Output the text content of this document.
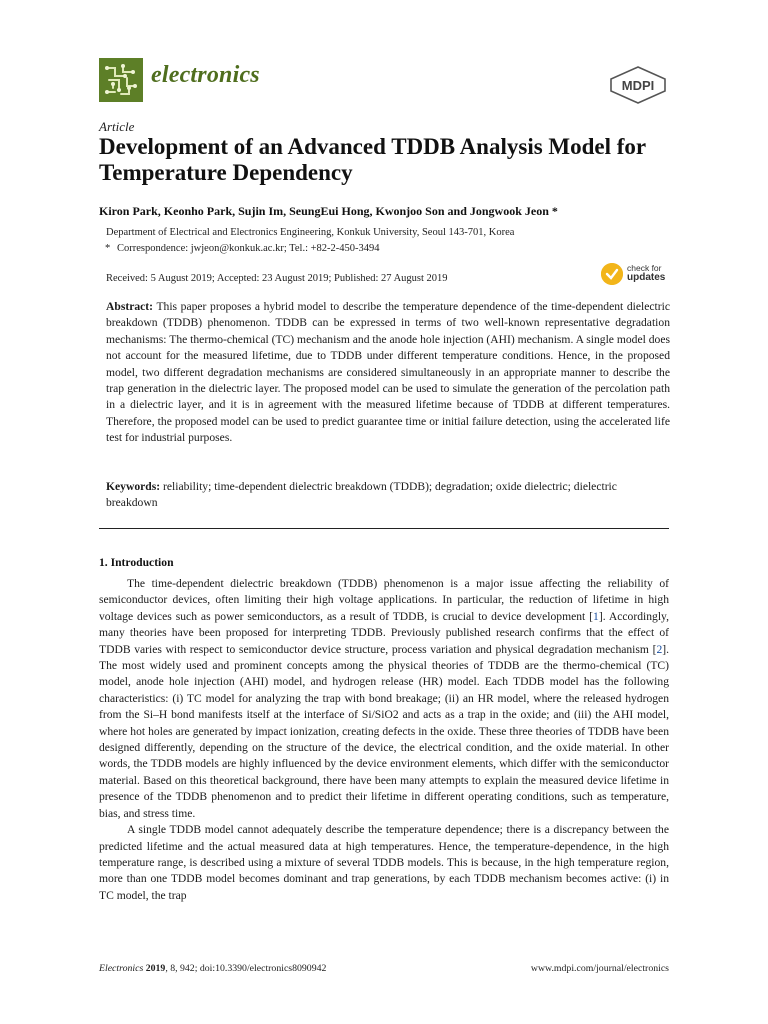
electronics	MDPI
Article
Development of an Advanced TDDB Analysis Model for Temperature Dependency
Kiron Park, Keonho Park, Sujin Im, SeungEui Hong, Kwonjoo Son and Jongwook Jeon *
Department of Electrical and Electronics Engineering, Konkuk University, Seoul 143-701, Korea
* Correspondence: jwjeon@konkuk.ac.kr; Tel.: +82-2-450-3494
Received: 5 August 2019; Accepted: 23 August 2019; Published: 27 August 2019
check for
updates
Abstract: This paper proposes a hybrid model to describe the temperature dependence of the time-dependent dielectric breakdown (TDDB) phenomenon. TDDB can be expressed in terms of two well-known representative degradation mechanisms: The thermo-chemical (TC) mechanism and the anode hole injection (AHI) mechanism. A single model does not account for the measured lifetime, due to TDDB under different temperature conditions. Hence, in the proposed model, two different degradation mechanisms are considered simultaneously in an appropriate manner to describe the trap generation in the dielectric layer. The proposed model can be used to simulate the generation of the percolation path in a dielectric layer, and it is in agreement with the measured lifetime because of TDDB at different temperatures. Therefore, the proposed model can be used to predict guarantee time or initial failure detection, using the accelerated life test for industrial purposes.
Keywords: reliability; time-dependent dielectric breakdown (TDDB); degradation; oxide dielectric; dielectric breakdown
1. Introduction

The time-dependent dielectric breakdown (TDDB) phenomenon is a major issue affecting the reliability of semiconductor devices, often limiting their high voltage applications. In particular, the reduction of lifetime in high voltage devices such as power semiconductors, as a result of TDDB, is crucial to device development [1]. Accordingly, many theories have been proposed for interpreting TDDB. Previously published research confirms that the effect of TDDB varies with respect to semiconductor device structure, process variation and physical degradation mechanism [2]. The most widely used and prominent concepts among the physical theories of TDDB are the thermo-chemical (TC) model, anode hole injection (AHI) model, and hydrogen release (HR) model. Each TDDB model has the following characteristics: (i) TC model for analyzing the trap with bond breakage; (ii) an HR model, where the released hydrogen from the Si–H bond manifests itself at the interface of Si/SiO2 and acts as a trap in the oxide; and (iii) the AHI model, where hot holes are generated by impact ionization, creating defects in the oxide. These three theories of TDDB have been designed differently, depending on the structure of the device, the electrical condition, and the oxide material. In other words, the TDDB models are highly influenced by the device environment elements, which differ with the semiconductor material. Based on this theoretical background, there have been many attempts to explain the measured device lifetime in presence of the TDDB phenomenon and to predict their lifetime in different operating conditions, such as temperature, bias, and stress time.

A single TDDB model cannot adequately describe the temperature dependence; there is a discrepancy between the predicted lifetime and the actual measured data at high temperatures. Hence, the temperature-dependence, in the high temperature range, is described using a mixture of several TDDB models. This is because, in the high temperature region, more than one TDDB model becomes dominant and trap generations, by each TDDB mechanism becomes active: (i) in TC model, the trap

Electronics 2019, 8, 942; doi:10.3390/electronics8090942	www.mdpi.com/journal/electronics
